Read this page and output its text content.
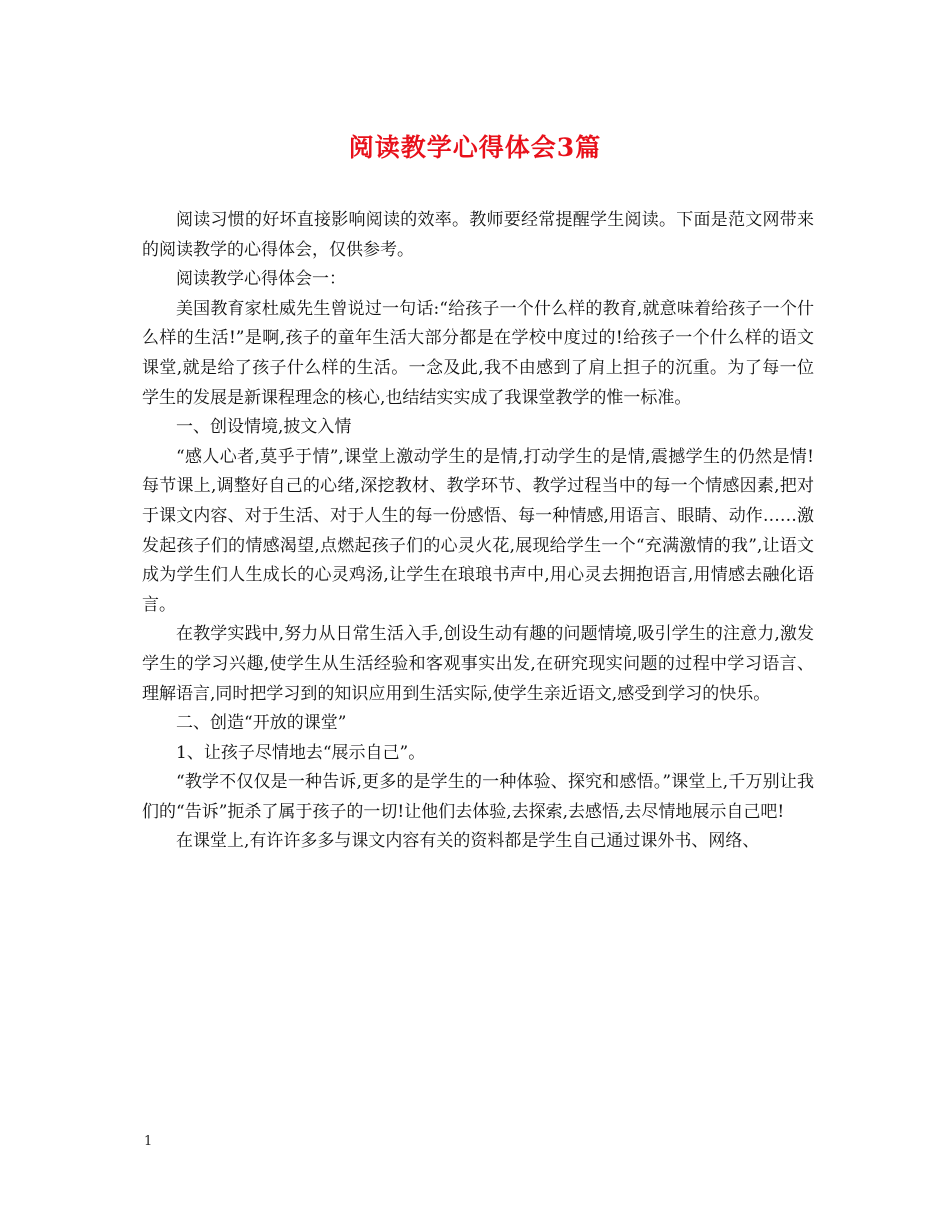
阅读教学心得体会3篇

阅读习惯的好坏直接影响阅读的效率。教师要经常提醒学生阅读。下面是范文网带来的阅读教学的心得体会，仅供参考。

阅读教学心得体会一：

美国教育家杜威先生曾说过一句话:“给孩子一个什么样的教育,就意味着给孩子一个什么样的生活!”是啊,孩子的童年生活大部分都是在学校中度过的!给孩子一个什么样的语文课堂,就是给了孩子什么样的生活。一念及此,我不由感到了肩上担子的沉重。为了每一位学生的发展是新课程理念的核心,也结结实实成了我课堂教学的惟一标准。

一、创设情境,披文入情

“感人心者,莫乎于情”,课堂上激动学生的是情,打动学生的是情,震撼学生的仍然是情!每节课上,调整好自己的心绪,深挖教材、教学环节、教学过程当中的每一个情感因素,把对于课文内容、对于生活、对于人生的每一份感悟、每一种情感,用语言、眼睛、动作……激发起孩子们的情感渴望,点燃起孩子们的心灵火花,展现给学生一个“充满激情的我”,让语文成为学生们人生成长的心灵鸡汤,让学生在琅琅书声中,用心灵去拥抱语言,用情感去融化语言。

在教学实践中,努力从日常生活入手,创设生动有趣的问题情境,吸引学生的注意力,激发学生的学习兴趣,使学生从生活经验和客观事实出发,在研究现实问题的过程中学习语言、理解语言,同时把学习到的知识应用到生活实际,使学生亲近语文,感受到学习的快乐。

二、创造“开放的课堂”

1、让孩子尽情地去“展示自己”。

“教学不仅仅是一种告诉,更多的是学生的一种体验、探究和感悟。”课堂上,千万别让我们的“告诉”扼杀了属于孩子的一切!让他们去体验,去探索,去感悟,去尽情地展示自己吧!

在课堂上,有许许多多与课文内容有关的资料都是学生自己通过课外书、网络、

1
